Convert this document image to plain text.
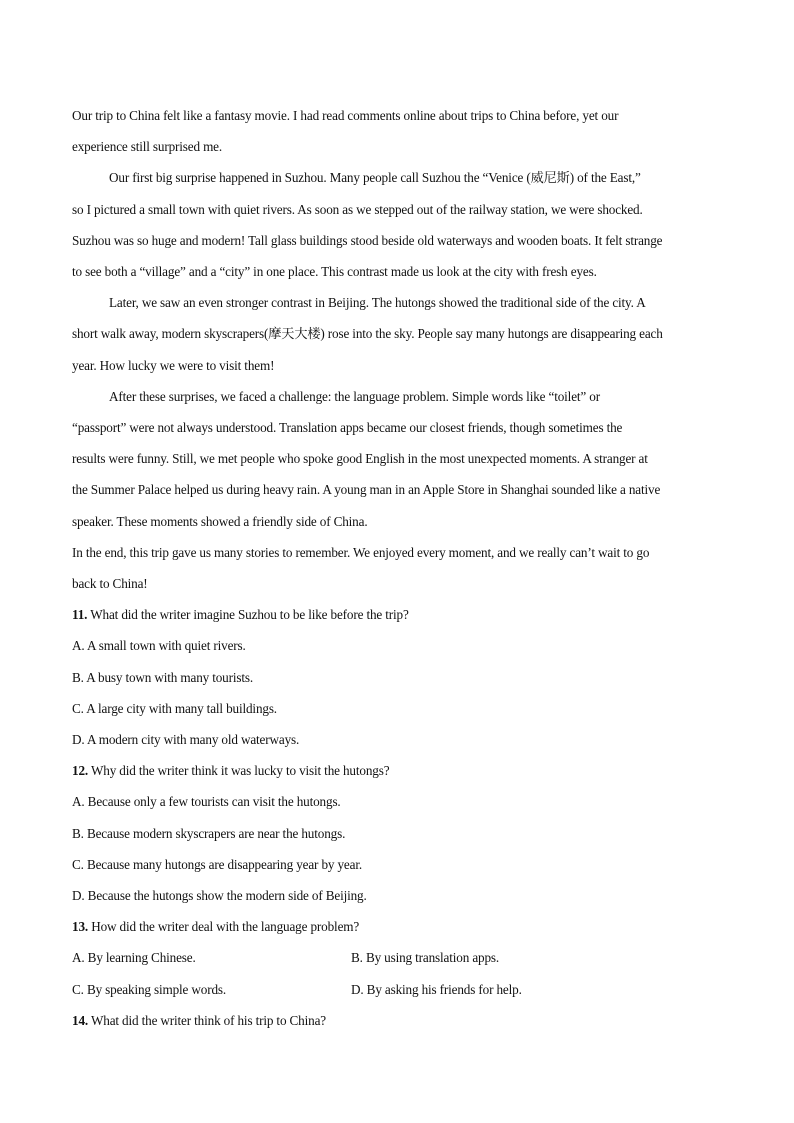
Our trip to China felt like a fantasy movie. I had read comments online about trips to China before, yet our
experience still surprised me.

Our first big surprise happened in Suzhou. Many people call Suzhou the “Venice (威尼斯) of the East,”
so I pictured a small town with quiet rivers. As soon as we stepped out of the railway station, we were shocked.
Suzhou was so huge and modern! Tall glass buildings stood beside old waterways and wooden boats. It felt strange
to see both a “village” and a “city” in one place. This contrast made us look at the city with fresh eyes.

Later, we saw an even stronger contrast in Beijing. The hutongs showed the traditional side of the city. A
short walk away, modern skyscrapers(摩天大楼) rose into the sky. People say many hutongs are disappearing each
year. How lucky we were to visit them!

After these surprises, we faced a challenge: the language problem. Simple words like “toilet” or
“passport” were not always understood. Translation apps became our closest friends, though sometimes the
results were funny. Still, we met people who spoke good English in the most unexpected moments. A stranger at
the Summer Palace helped us during heavy rain. A young man in an Apple Store in Shanghai sounded like a native
speaker. These moments showed a friendly side of China.

In the end, this trip gave us many stories to remember. We enjoyed every moment, and we really can’t wait to go
back to China!

11. What did the writer imagine Suzhou to be like before the trip?

A. A small town with quiet rivers.

B. A busy town with many tourists.

C. A large city with many tall buildings.

D. A modern city with many old waterways.

12. Why did the writer think it was lucky to visit the hutongs?

A. Because only a few tourists can visit the hutongs.

B. Because modern skyscrapers are near the hutongs.

C. Because many hutongs are disappearing year by year.

D. Because the hutongs show the modern side of Beijing.

13. How did the writer deal with the language problem?

A. By learning Chinese.	B. By using translation apps.
C. By speaking simple words.	D. By asking his friends for help.

14. What did the writer think of his trip to China?
